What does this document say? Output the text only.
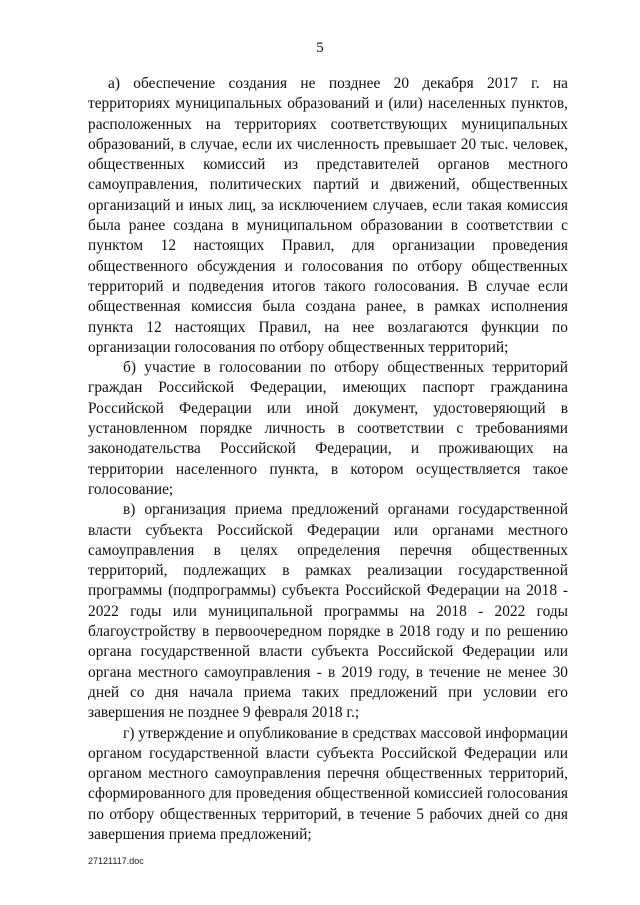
5

а) обеспечение создания не позднее 20 декабря 2017 г. на территориях муниципальных образований и (или) населенных пунктов, расположенных на территориях соответствующих муниципальных образований, в случае, если их численность превышает 20 тыс. человек, общественных комиссий из представителей органов местного самоуправления, политических партий и движений, общественных организаций и иных лиц, за исключением случаев, если такая комиссия была ранее создана в муниципальном образовании в соответствии с пунктом 12 настоящих Правил, для организации проведения общественного обсуждения и голосования по отбору общественных территорий и подведения итогов такого голосования. В случае если общественная комиссия была создана ранее, в рамках исполнения пункта 12 настоящих Правил, на нее возлагаются функции по организации голосования по отбору общественных территорий;

б) участие в голосовании по отбору общественных территорий граждан Российской Федерации, имеющих паспорт гражданина Российской Федерации или иной документ, удостоверяющий в установленном порядке личность в соответствии с требованиями законодательства Российской Федерации, и проживающих на территории населенного пункта, в котором осуществляется такое голосование;

в) организация приема предложений органами государственной власти субъекта Российской Федерации или органами местного самоуправления в целях определения перечня общественных территорий, подлежащих в рамках реализации государственной программы (подпрограммы) субъекта Российской Федерации на 2018 - 2022 годы или муниципальной программы на 2018 - 2022 годы благоустройству в первоочередном порядке в 2018 году и по решению органа государственной власти субъекта Российской Федерации или органа местного самоуправления - в 2019 году, в течение не менее 30 дней со дня начала приема таких предложений при условии его завершения не позднее 9 февраля 2018 г.;

г) утверждение и опубликование в средствах массовой информации органом государственной власти субъекта Российской Федерации или органом местного самоуправления перечня общественных территорий, сформированного для проведения общественной комиссией голосования по отбору общественных территорий, в течение 5 рабочих дней со дня завершения приема предложений;

27121117.doc
